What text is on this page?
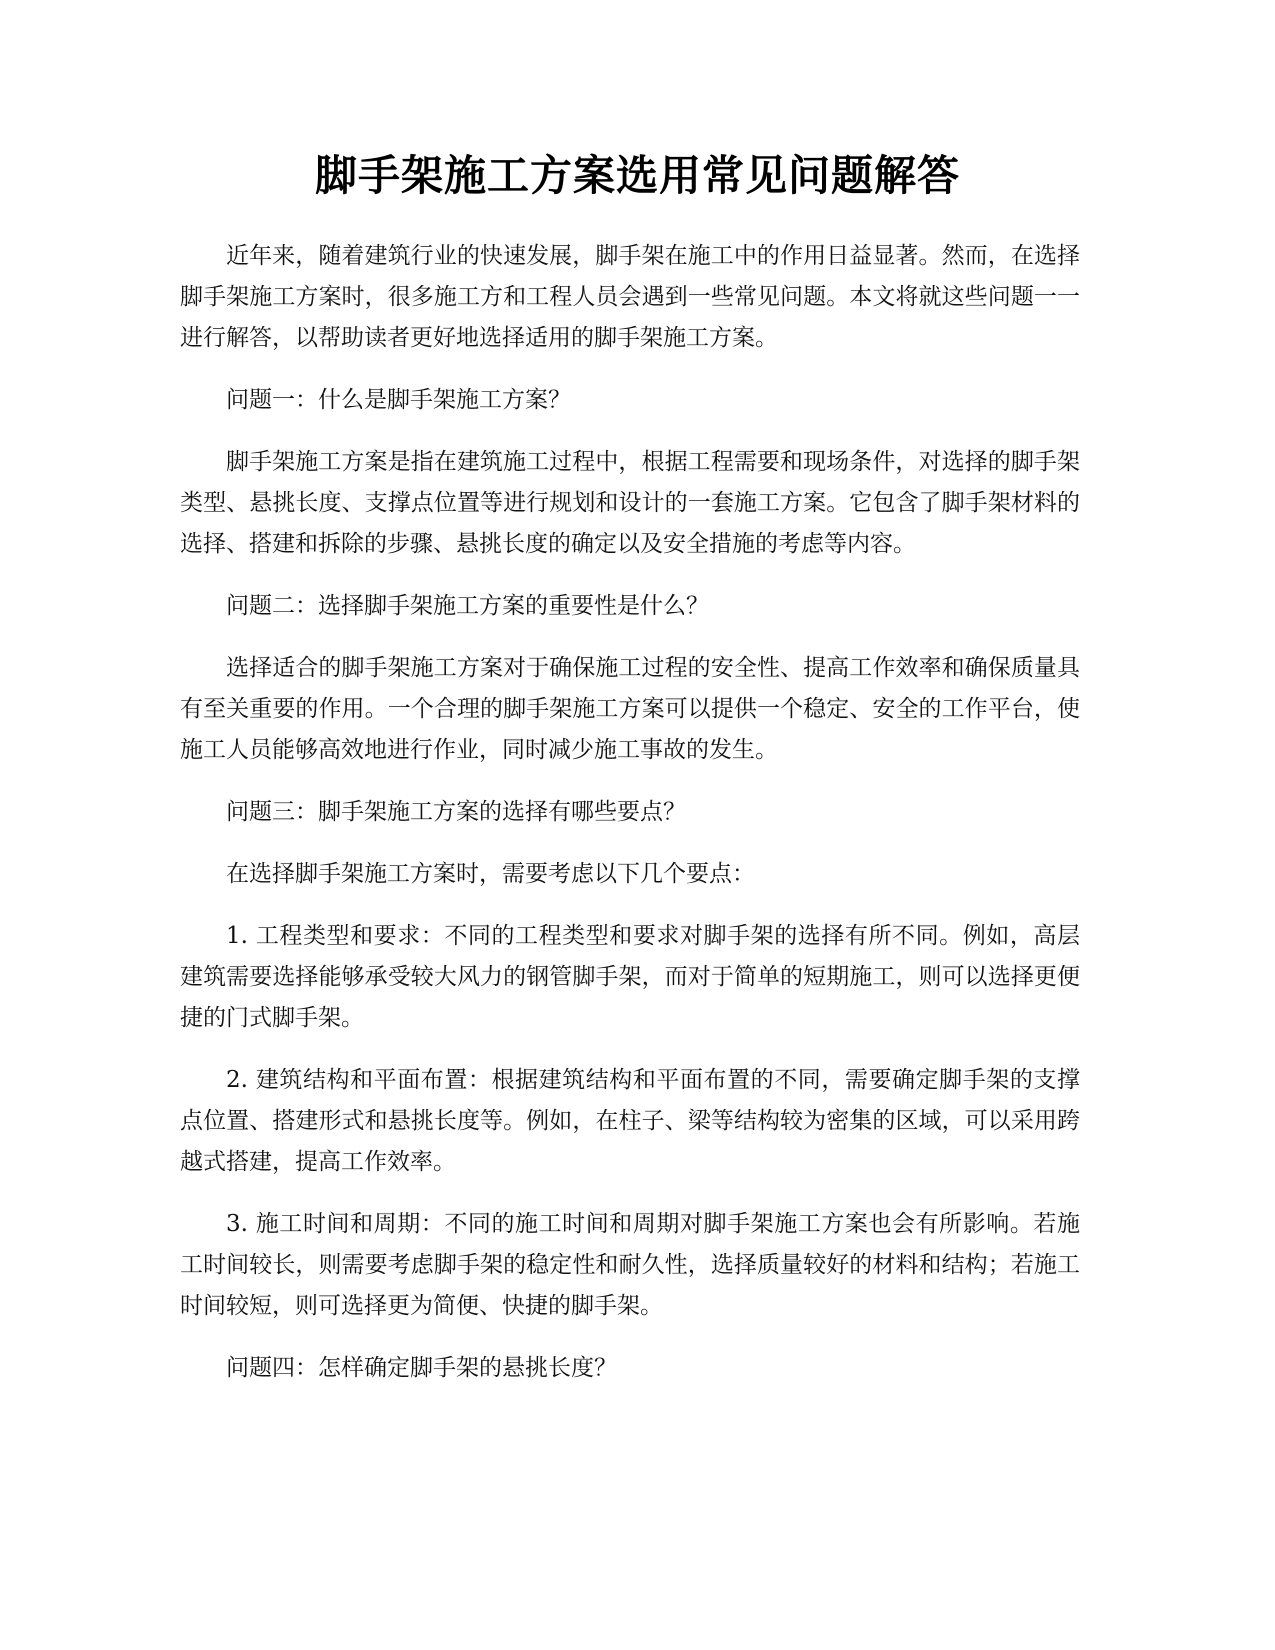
脚手架施工方案选用常见问题解答

近年来，随着建筑行业的快速发展，脚手架在施工中的作用日益显著。然而，在选择脚手架施工方案时，很多施工方和工程人员会遇到一些常见问题。本文将就这些问题一一进行解答，以帮助读者更好地选择适用的脚手架施工方案。

问题一：什么是脚手架施工方案？

脚手架施工方案是指在建筑施工过程中，根据工程需要和现场条件，对选择的脚手架类型、悬挑长度、支撑点位置等进行规划和设计的一套施工方案。它包含了脚手架材料的选择、搭建和拆除的步骤、悬挑长度的确定以及安全措施的考虑等内容。

问题二：选择脚手架施工方案的重要性是什么？

选择适合的脚手架施工方案对于确保施工过程的安全性、提高工作效率和确保质量具有至关重要的作用。一个合理的脚手架施工方案可以提供一个稳定、安全的工作平台，使施工人员能够高效地进行作业，同时减少施工事故的发生。

问题三：脚手架施工方案的选择有哪些要点？

在选择脚手架施工方案时，需要考虑以下几个要点：

1. 工程类型和要求：不同的工程类型和要求对脚手架的选择有所不同。例如，高层建筑需要选择能够承受较大风力的钢管脚手架，而对于简单的短期施工，则可以选择更便捷的门式脚手架。

2. 建筑结构和平面布置：根据建筑结构和平面布置的不同，需要确定脚手架的支撑点位置、搭建形式和悬挑长度等。例如，在柱子、梁等结构较为密集的区域，可以采用跨越式搭建，提高工作效率。

3. 施工时间和周期：不同的施工时间和周期对脚手架施工方案也会有所影响。若施工时间较长，则需要考虑脚手架的稳定性和耐久性，选择质量较好的材料和结构；若施工时间较短，则可选择更为简便、快捷的脚手架。

问题四：怎样确定脚手架的悬挑长度？
